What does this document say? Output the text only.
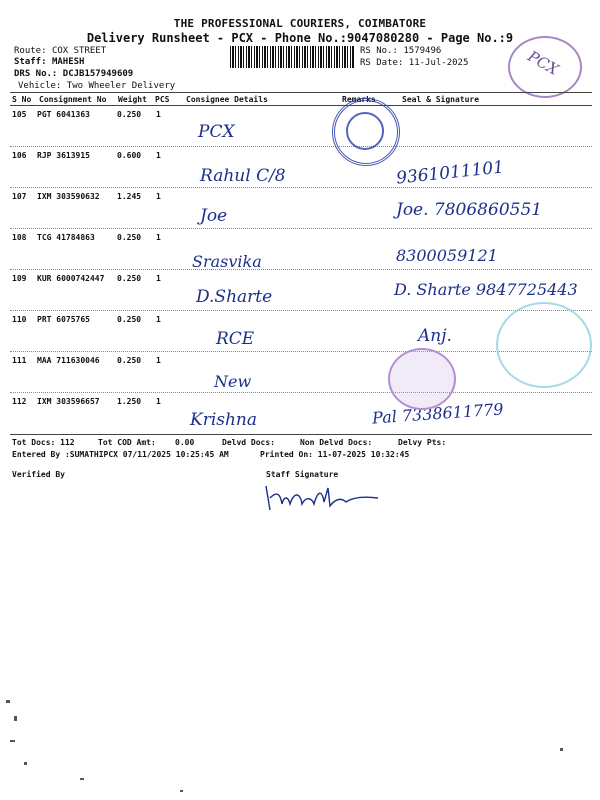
THE PROFESSIONAL COURIERS, COIMBATORE
Delivery Runsheet - PCX - Phone No.:9047080280 - Page No.:9
Route: COX STREET
Staff: MAHESH
DRS No.: DCJB157949609
Vehicle: Two Wheeler Delivery
RS No.: 1579496
RS Date: 11-Jul-2025	PCX
S No Consignment No Weight PCS Consignee Details	Remarks	Seal & Signature
105 PGT 6041363	0.250 1
PCX
106 RJP 3613915	0.600 1
Rahul C/8	9361011101
107 IXM 303590632 1.245 1
Joe	Joe. 7806860551
108 TCG 41784863	0.250 1
Srasvika	8300059121
109 KUR 6000742447 0.250 1
D.Sharte	D. Sharte 9847725443
110 PRT 6075765	0.250 1
RCE	Anj.
111 MAA 711630046 0.250 1
New
112 IXM 303596657 1.250 1
Krishna	Pal 7338611779
Tot Docs: 112	Tot COD Amt: 0.00	Delvd Docs:	Non Delvd Docs:	Delvy Pts:
Entered By :SUMATHIPCX 07/11/2025 10:25:45 AM	Printed On: 11-07-2025 10:32:45
Verified By	Staff Signature
